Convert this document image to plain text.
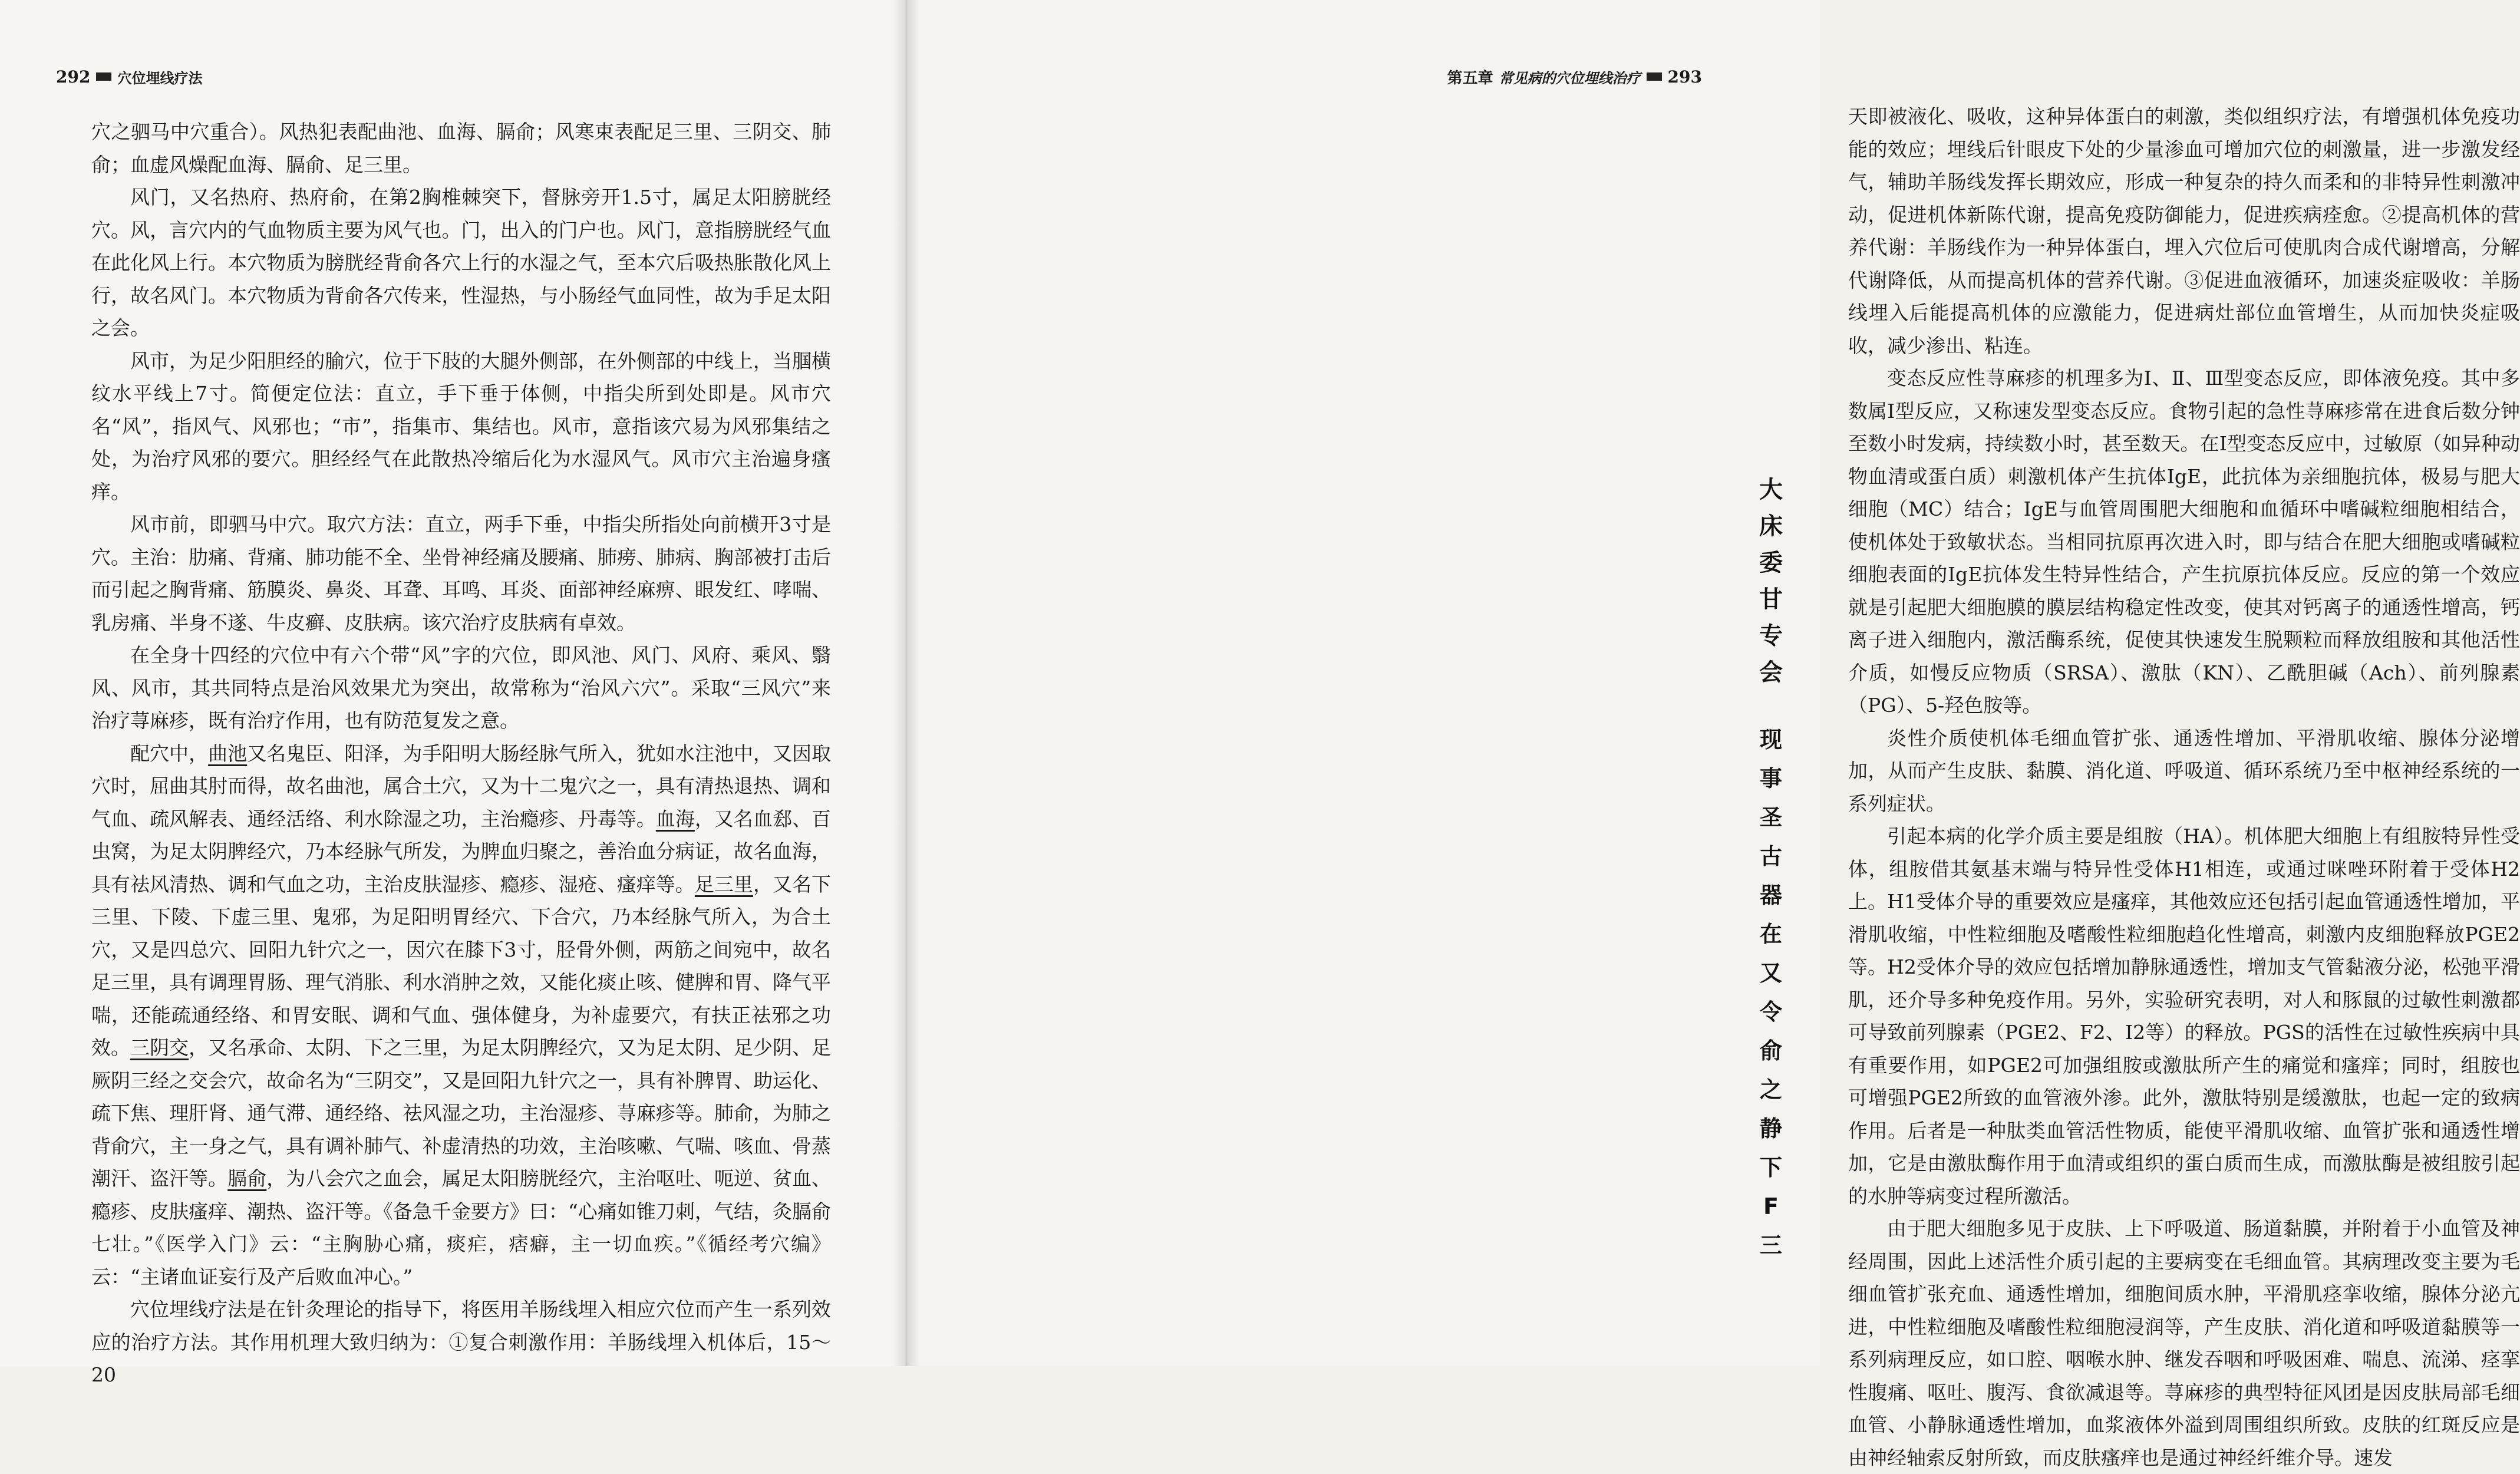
292 穴位埋线疗法

穴之驷马中穴重合）。风热犯表配曲池、血海、膈俞；风寒束表配足三里、三阴交、肺俞；血虚风燥配血海、膈俞、足三里。

风门，又名热府、热府俞，在第2胸椎棘突下，督脉旁开1.5寸，属足太阳膀胱经穴。风，言穴内的气血物质主要为风气也。门，出入的门户也。风门，意指膀胱经气血在此化风上行。本穴物质为膀胱经背俞各穴上行的水湿之气，至本穴后吸热胀散化风上行，故名风门。本穴物质为背俞各穴传来，性湿热，与小肠经气血同性，故为手足太阳之会。

风市，为足少阳胆经的腧穴，位于下肢的大腿外侧部，在外侧部的中线上，当腘横纹水平线上7寸。简便定位法：直立，手下垂于体侧，中指尖所到处即是。风市穴名“风”，指风气、风邪也；“市”，指集市、集结也。风市，意指该穴易为风邪集结之处，为治疗风邪的要穴。胆经经气在此散热冷缩后化为水湿风气。风市穴主治遍身瘙痒。

风市前，即驷马中穴。取穴方法：直立，两手下垂，中指尖所指处向前横开3寸是穴。主治：肋痛、背痛、肺功能不全、坐骨神经痛及腰痛、肺痨、肺病、胸部被打击后而引起之胸背痛、筋膜炎、鼻炎、耳聋、耳鸣、耳炎、面部神经麻痹、眼发红、哮喘、乳房痛、半身不遂、牛皮癣、皮肤病。该穴治疗皮肤病有卓效。

在全身十四经的穴位中有六个带“风”字的穴位，即风池、风门、风府、乘风、翳风、风市，其共同特点是治风效果尤为突出，故常称为“治风六穴”。采取“三风穴”来治疗荨麻疹，既有治疗作用，也有防范复发之意。

配穴中，曲池又名鬼臣、阳泽，为手阳明大肠经脉气所入，犹如水注池中，又因取穴时，屈曲其肘而得，故名曲池，属合土穴，又为十二鬼穴之一，具有清热退热、调和气血、疏风解表、通经活络、利水除湿之功，主治瘾疹、丹毒等。血海，又名血郄、百虫窝，为足太阴脾经穴，乃本经脉气所发，为脾血归聚之，善治血分病证，故名血海，具有祛风清热、调和气血之功，主治皮肤湿疹、瘾疹、湿疮、瘙痒等。足三里，又名下三里、下陵、下虚三里、鬼邪，为足阳明胃经穴、下合穴，乃本经脉气所入，为合土穴，又是四总穴、回阳九针穴之一，因穴在膝下3寸，胫骨外侧，两筋之间宛中，故名足三里，具有调理胃肠、理气消胀、利水消肿之效，又能化痰止咳、健脾和胃、降气平喘，还能疏通经络、和胃安眠、调和气血、强体健身，为补虚要穴，有扶正祛邪之功效。三阴交，又名承命、太阴、下之三里，为足太阴脾经穴，又为足太阴、足少阴、足厥阴三经之交会穴，故命名为“三阴交”，又是回阳九针穴之一，具有补脾胃、助运化、疏下焦、理肝肾、通气滞、通经络、祛风湿之功，主治湿疹、荨麻疹等。肺俞，为肺之背俞穴，主一身之气，具有调补肺气、补虚清热的功效，主治咳嗽、气喘、咳血、骨蒸潮汗、盗汗等。膈俞，为八会穴之血会，属足太阳膀胱经穴，主治呕吐、呃逆、贫血、瘾疹、皮肤瘙痒、潮热、盗汗等。《备急千金要方》曰：“心痛如锥刀刺，气结，灸膈俞七壮。”《医学入门》云：“主胸胁心痛，痰疟，痞癖，主一切血疾。”《循经考穴编》云：“主诸血证妄行及产后败血冲心。”

穴位埋线疗法是在针灸理论的指导下，将医用羊肠线埋入相应穴位而产生一系列效应的治疗方法。其作用机理大致归纳为：①复合刺激作用：羊肠线埋入机体后，15～20

第五章 常见病的穴位埋线治疗 293

天即被液化、吸收，这种异体蛋白的刺激，类似组织疗法，有增强机体免疫功能的效应；埋线后针眼皮下处的少量渗血可增加穴位的刺激量，进一步激发经气，辅助羊肠线发挥长期效应，形成一种复杂的持久而柔和的非特异性刺激冲动，促进机体新陈代谢，提高免疫防御能力，促进疾病痊愈。②提高机体的营养代谢：羊肠线作为一种异体蛋白，埋入穴位后可使肌肉合成代谢增高，分解代谢降低，从而提高机体的营养代谢。③促进血液循环，加速炎症吸收：羊肠线埋入后能提高机体的应激能力，促进病灶部位血管增生，从而加快炎症吸收，减少渗出、粘连。

变态反应性荨麻疹的机理多为Ⅰ、Ⅱ、Ⅲ型变态反应，即体液免疫。其中多数属Ⅰ型反应，又称速发型变态反应。食物引起的急性荨麻疹常在进食后数分钟至数小时发病，持续数小时，甚至数天。在Ⅰ型变态反应中，过敏原（如异种动物血清或蛋白质）刺激机体产生抗体IgE，此抗体为亲细胞抗体，极易与肥大细胞（MC）结合；IgE与血管周围肥大细胞和血循环中嗜碱粒细胞相结合，使机体处于致敏状态。当相同抗原再次进入时，即与结合在肥大细胞或嗜碱粒细胞表面的IgE抗体发生特异性结合，产生抗原抗体反应。反应的第一个效应就是引起肥大细胞膜的膜层结构稳定性改变，使其对钙离子的通透性增高，钙离子进入细胞内，激活酶系统，促使其快速发生脱颗粒而释放组胺和其他活性介质，如慢反应物质（SRSA）、激肽（KN）、乙酰胆碱（Ach）、前列腺素（PG）、5-羟色胺等。

炎性介质使机体毛细血管扩张、通透性增加、平滑肌收缩、腺体分泌增加，从而产生皮肤、黏膜、消化道、呼吸道、循环系统乃至中枢神经系统的一系列症状。

引起本病的化学介质主要是组胺（HA）。机体肥大细胞上有组胺特异性受体，组胺借其氨基末端与特异性受体H1相连，或通过咪唑环附着于受体H2上。H1受体介导的重要效应是瘙痒，其他效应还包括引起血管通透性增加，平滑肌收缩，中性粒细胞及嗜酸性粒细胞趋化性增高，刺激内皮细胞释放PGE2等。H2受体介导的效应包括增加静脉通透性，增加支气管黏液分泌，松弛平滑肌，还介导多种免疫作用。另外，实验研究表明，对人和豚鼠的过敏性刺激都可导致前列腺素（PGE2、F2、I2等）的释放。PGS的活性在过敏性疾病中具有重要作用，如PGE2可加强组胺或激肽所产生的痛觉和瘙痒；同时，组胺也可增强PGE2所致的血管液外渗。此外，激肽特别是缓激肽，也起一定的致病作用。后者是一种肽类血管活性物质，能使平滑肌收缩、血管扩张和通透性增加，它是由激肽酶作用于血清或组织的蛋白质而生成，而激肽酶是被组胺引起的水肿等病变过程所激活。

由于肥大细胞多见于皮肤、上下呼吸道、肠道黏膜，并附着于小血管及神经周围，因此上述活性介质引起的主要病变在毛细血管。其病理改变主要为毛细血管扩张充血、通透性增加，细胞间质水肿，平滑肌痉挛收缩，腺体分泌亢进，中性粒细胞及嗜酸性粒细胞浸润等，产生皮肤、消化道和呼吸道黏膜等一系列病理反应，如口腔、咽喉水肿、继发吞咽和呼吸困难、喘息、流涕、痉挛性腹痛、呕吐、腹泻、食欲减退等。荨麻疹的典型特征风团是因皮肤局部毛细血管、小静脉通透性增加，血浆液体外溢到周围组织所致。皮肤的红斑反应是由神经轴索反射所致，而皮肤瘙痒也是通过神经纤维介导。速发

大
床
委
甘
专
会
现
事
圣
古
器
在
又
令
俞
之
静
下
F
三
